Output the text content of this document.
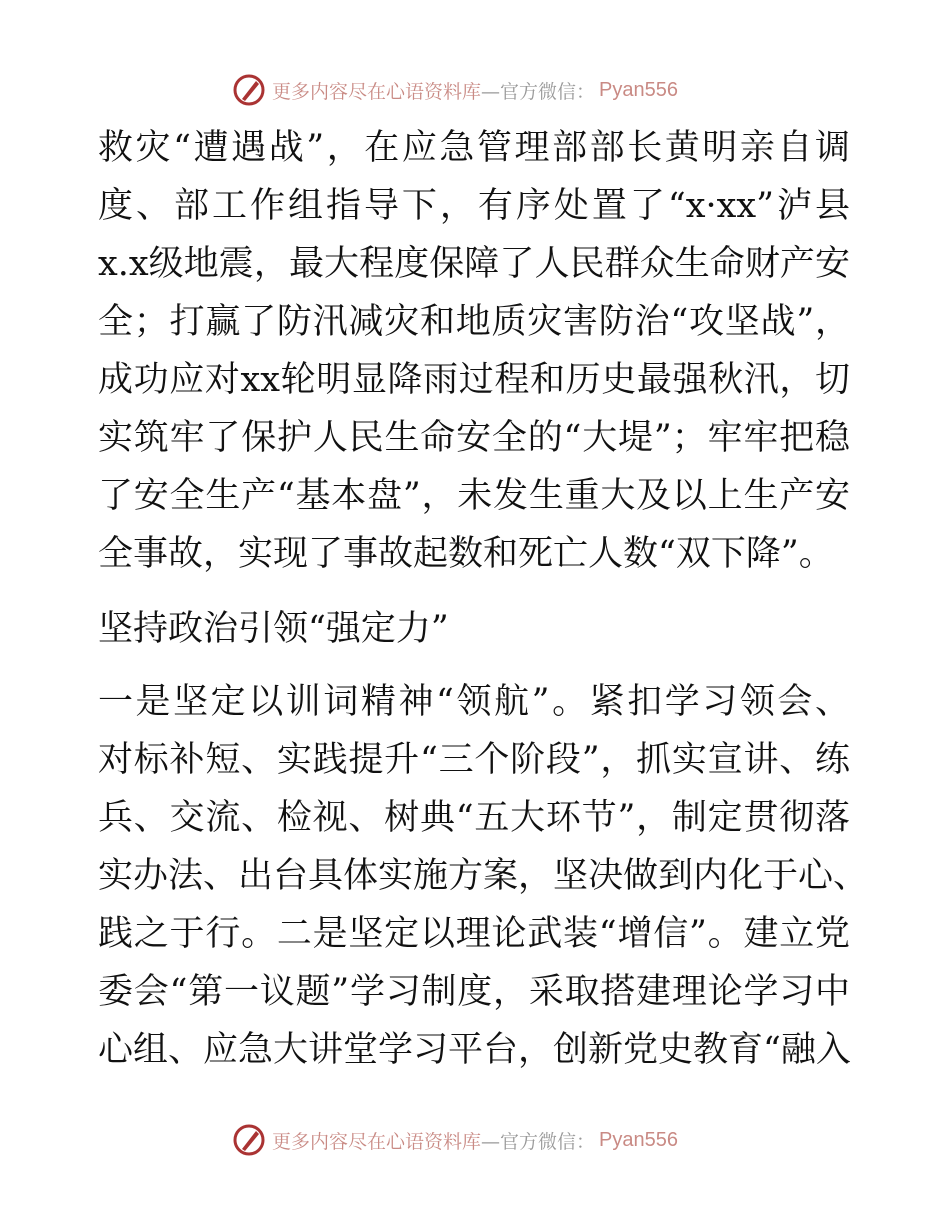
更多内容尽在心语资料库 —官方微信： Pyan556
救灾“遭遇战”，在应急管理部部长黄明亲自调
度、部工作组指导下，有序处置了“x·xx”泸县
x.x级地震，最大程度保障了人民群众生命财产安
全；打赢了防汛减灾和地质灾害防治“攻坚战”，
成功应对xx轮明显降雨过程和历史最强秋汛，切
实筑牢了保护人民生命安全的“大堤”；牢牢把稳
了安全生产“基本盘”，未发生重大及以上生产安
全事故，实现了事故起数和死亡人数“双下降”。
坚持政治引领“强定力”
一是坚定以训词精神“领航”。紧扣学习领会、
对标补短、实践提升“三个阶段”，抓实宣讲、练
兵、交流、检视、树典“五大环节”，制定贯彻落
实办法、出台具体实施方案，坚决做到内化于心、
践之于行。二是坚定以理论武装“增信”。建立党
委会“第一议题”学习制度，采取搭建理论学习中
心组、应急大讲堂学习平台，创新党史教育“融入
更多内容尽在心语资料库 —官方微信： Pyan556
